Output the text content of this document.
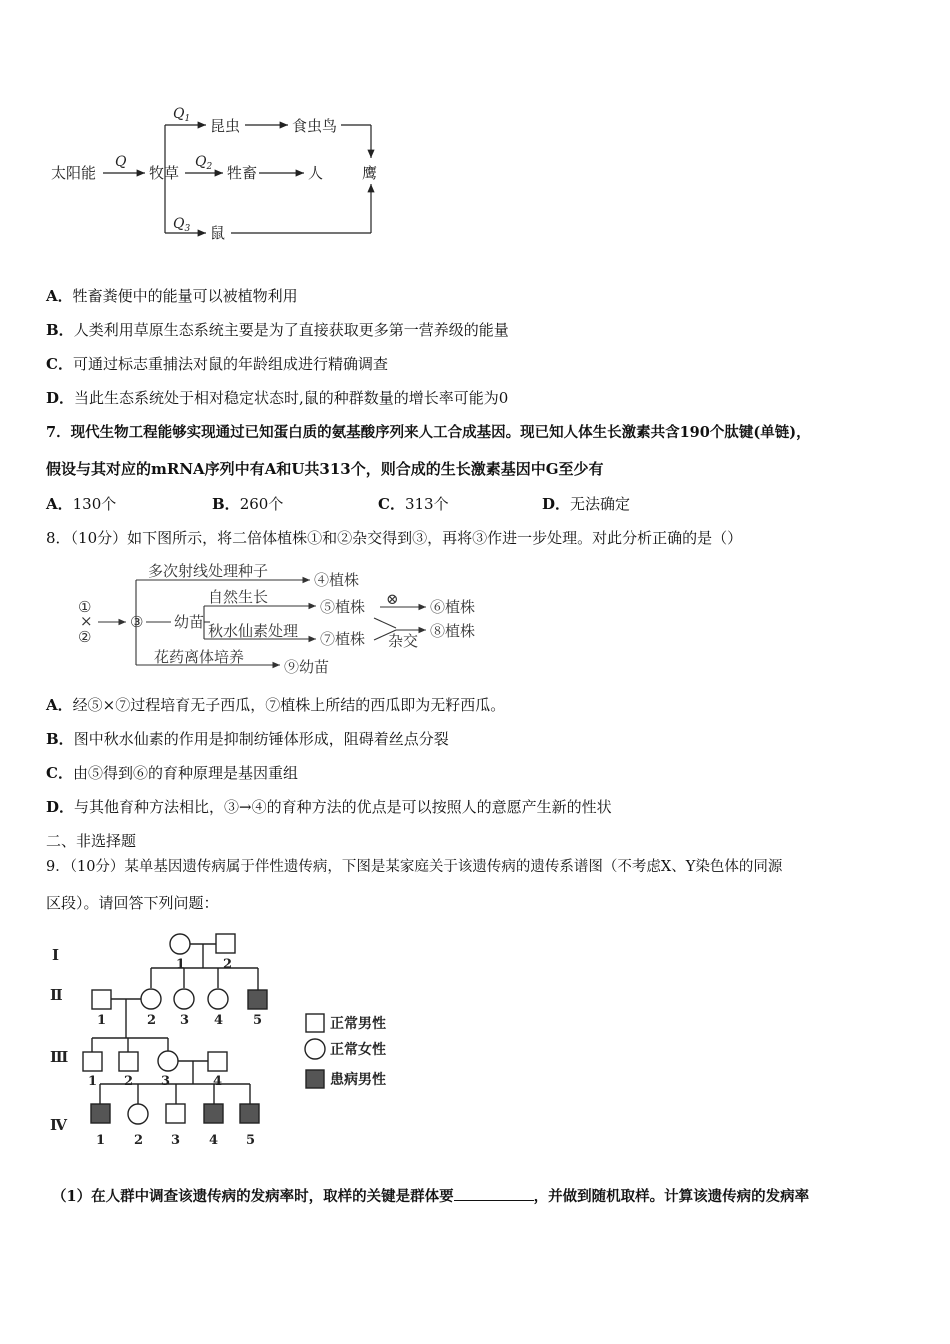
太阳能	牧草
昆虫	食虫鸟
牲畜	人	鹰
鼠
Q
$Q_1$
$Q_2$
$Q_3$
A．牲畜粪便中的能量可以被植物利用
B．人类利用草原生态系统主要是为了直接获取更多第一营养级的能量
C．可通过标志重捕法对鼠的年龄组成进行精确调查
D．当此生态系统处于相对稳定状态时,鼠的种群数量的增长率可能为0
7．现代生物工程能够实现通过已知蛋白质的氨基酸序列来人工合成基因。现已知人体生长激素共含190个肽键(单链)，
假设与其对应的mRNA序列中有A和U共313个，则合成的生长激素基因中G至少有
A．130个	B．260个	C．313个	D．无法确定
8．（10分）如下图所示，将二倍体植株①和②杂交得到③，再将③作进一步处理。对此分析正确的是（）
①
×
②
③ 幼苗
多次射线处理种子
自然生长
秋水仙素处理
花药离体培养
④植株
⑤植株
⑦植株
⑨幼苗
⑥植株
⑧植株
⊗
杂交
A．经⑤×⑦过程培育无子西瓜，⑦植株上所结的西瓜即为无籽西瓜。
B．图中秋水仙素的作用是抑制纺锤体形成，阻碍着丝点分裂
C．由⑤得到⑥的育种原理是基因重组
D．与其他育种方法相比，③→④的育种方法的优点是可以按照人的意愿产生新的性状
二、非选择题
9．（10分）某单基因遗传病属于伴性遗传病，下图是某家庭关于该遗传病的遗传系谱图（不考虑X、Y染色体的同源
区段）。请回答下列问题：
Ⅰ
Ⅱ
Ⅲ
Ⅳ
1	2
1	2 3 4 5
1 2 3	4
1 2 3 4 5
正常男性
正常女性
患病男性
（1）在人群中调查该遗传病的发病率时，取样的关键是群体要	，并做到随机取样。计算该遗传病的发病率
